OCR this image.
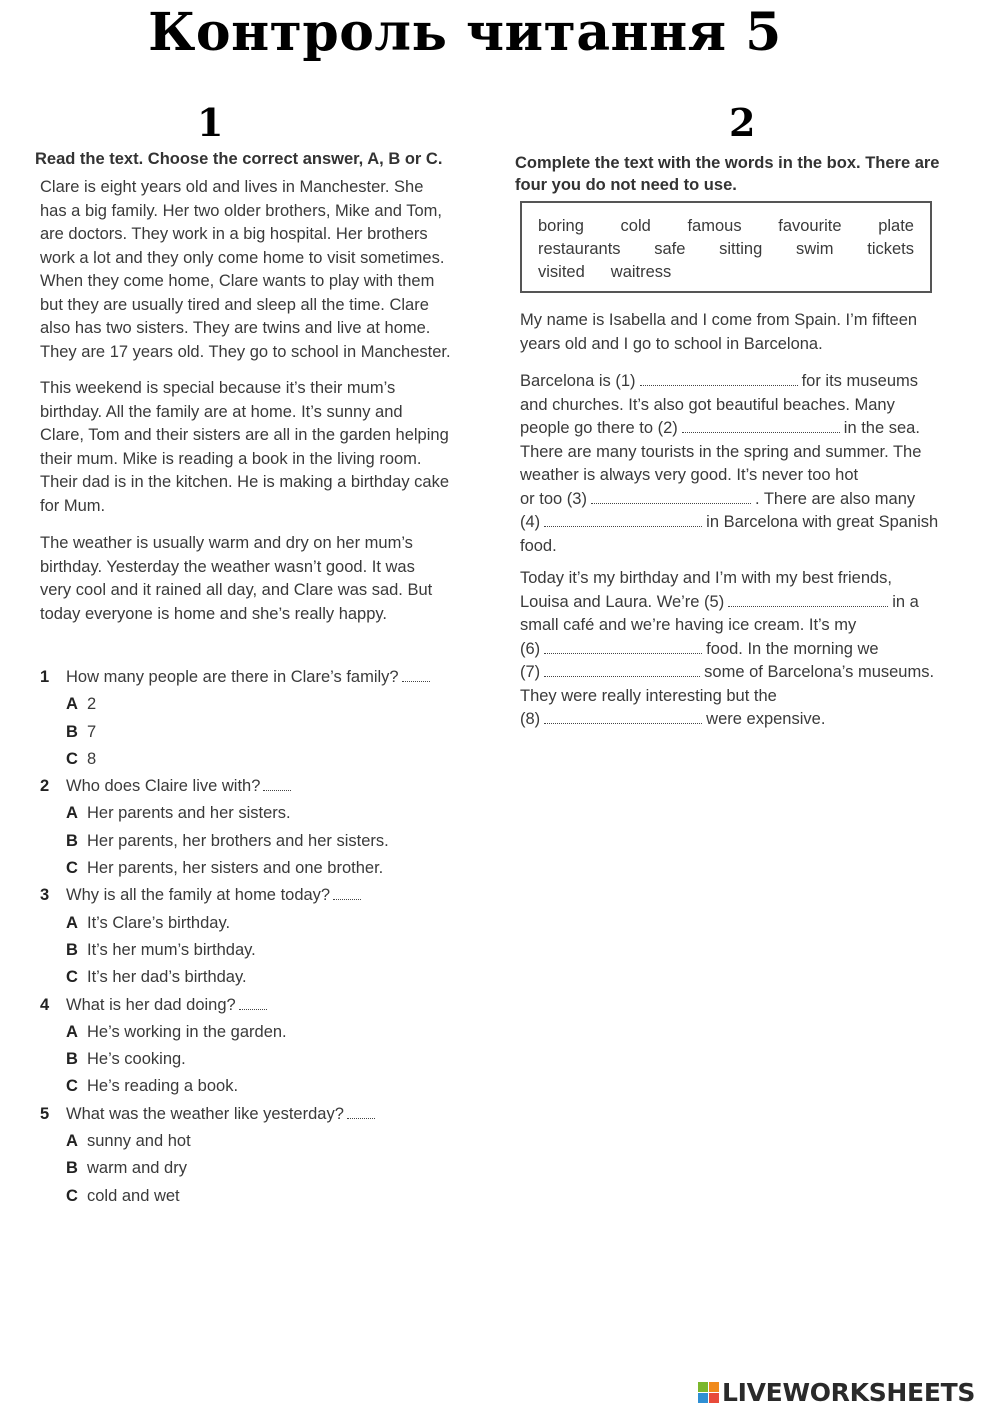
Контроль читання 5
1
Read the text. Choose the correct answer, A, B or C.

Clare is eight years old and lives in Manchester. She

has a big family. Her two older brothers, Mike and Tom,

are doctors. They work in a big hospital. Her brothers

work a lot and they only come home to visit sometimes.

When they come home, Clare wants to play with them

but they are usually tired and sleep all the time. Clare

also has two sisters. They are twins and live at home.

They are 17 years old. They go to school in Manchester.

This weekend is special because it’s their mum’s

birthday. All the family are at home. It’s sunny and

Clare, Tom and their sisters are all in the garden helping

their mum. Mike is reading a book in the living room.

Their dad is in the kitchen. He is making a birthday cake

for Mum.

The weather is usually warm and dry on her mum’s

birthday. Yesterday the weather wasn’t good. It was

very cool and it rained all day, and Clare was sad. But

today everyone is home and she’s really happy.

1 How many people are there in Clare’s family?
A 2
B 7
C 8
2 Who does Claire live with?
A Her parents and her sisters.
B Her parents, her brothers and her sisters.
C Her parents, her sisters and one brother.
3 Why is all the family at home today?
A It’s Clare’s birthday.
B It’s her mum’s birthday.
C It’s her dad’s birthday.
4 What is her dad doing?
A He’s working in the garden.
B He’s cooking.
C He’s reading a book.
5 What was the weather like yesterday?
A sunny and hot
B warm and dry
C cold and wet
2
Complete the text with the words in the box. There are
four you do not need to use.
boring cold famous favourite plate
restaurants safe sitting swim tickets
visited waitress

My name is Isabella and I come from Spain. I’m fifteen

years old and I go to school in Barcelona.

Barcelona is (1)	for its museums

and churches. It’s also got beautiful beaches. Many

people go there to (2)	in the sea.

There are many tourists in the spring and summer. The

weather is always very good. It’s never too hot

or too (3)	. There are also many

(4)	in Barcelona with great Spanish

food.

Today it’s my birthday and I’m with my best friends,

Louisa and Laura. We’re (5)	in a

small café and we’re having ice cream. It’s my

(6)	food. In the morning we

(7)	some of Barcelona’s museums.

They were really interesting but the

(8)	were expensive.

LIVEWORKSHEETS
